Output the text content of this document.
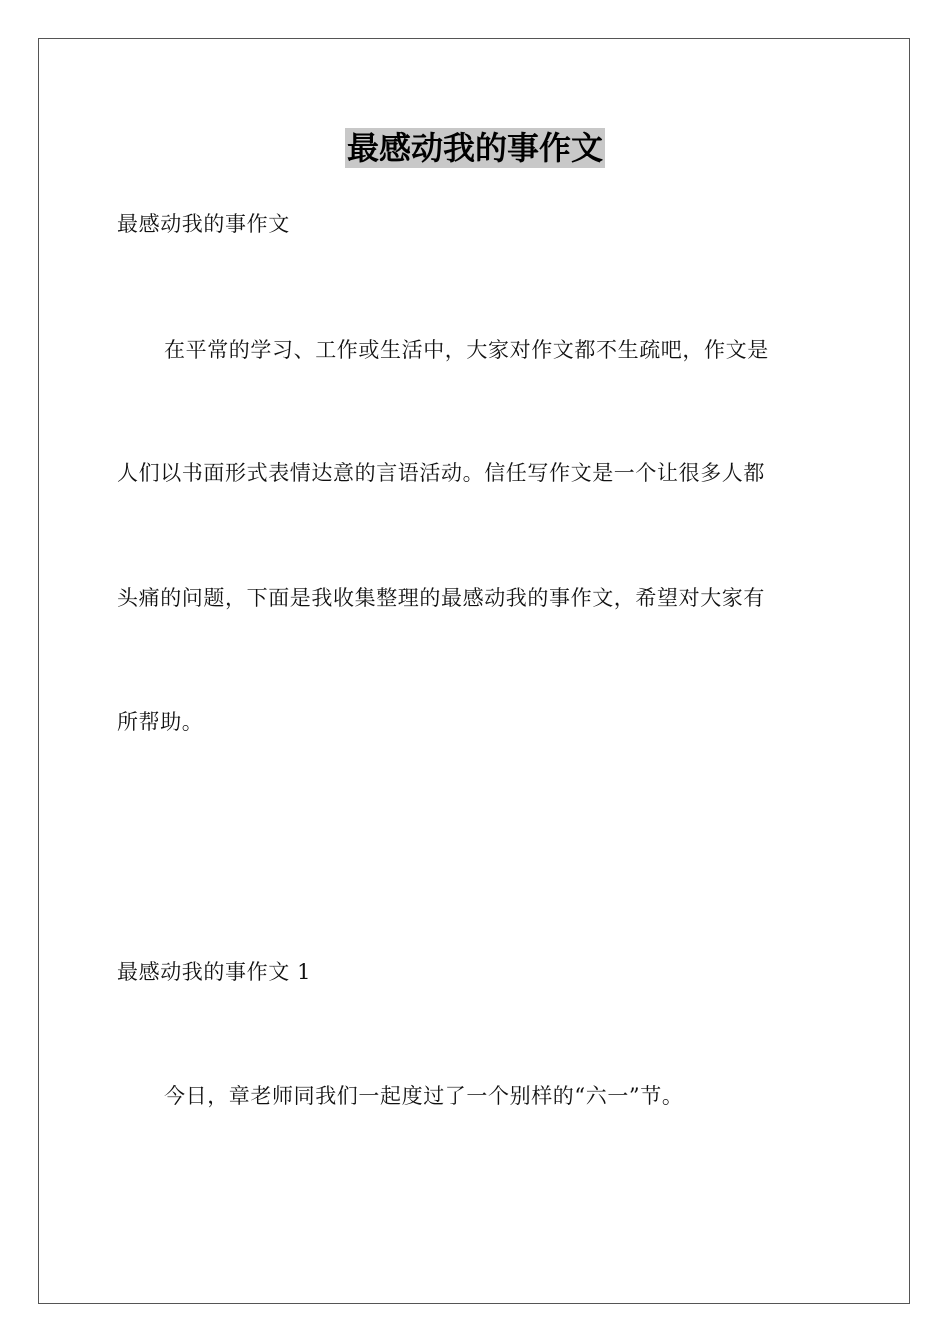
最感动我的事作文
最感动我的事作文
在平常的学习、工作或生活中，大家对作文都不生疏吧，作文是
人们以书面形式表情达意的言语活动。信任写作文是一个让很多人都
头痛的问题，下面是我收集整理的最感动我的事作文，希望对大家有
所帮助。
最感动我的事作文 1
今日，章老师同我们一起度过了一个别样的“六一”节。
